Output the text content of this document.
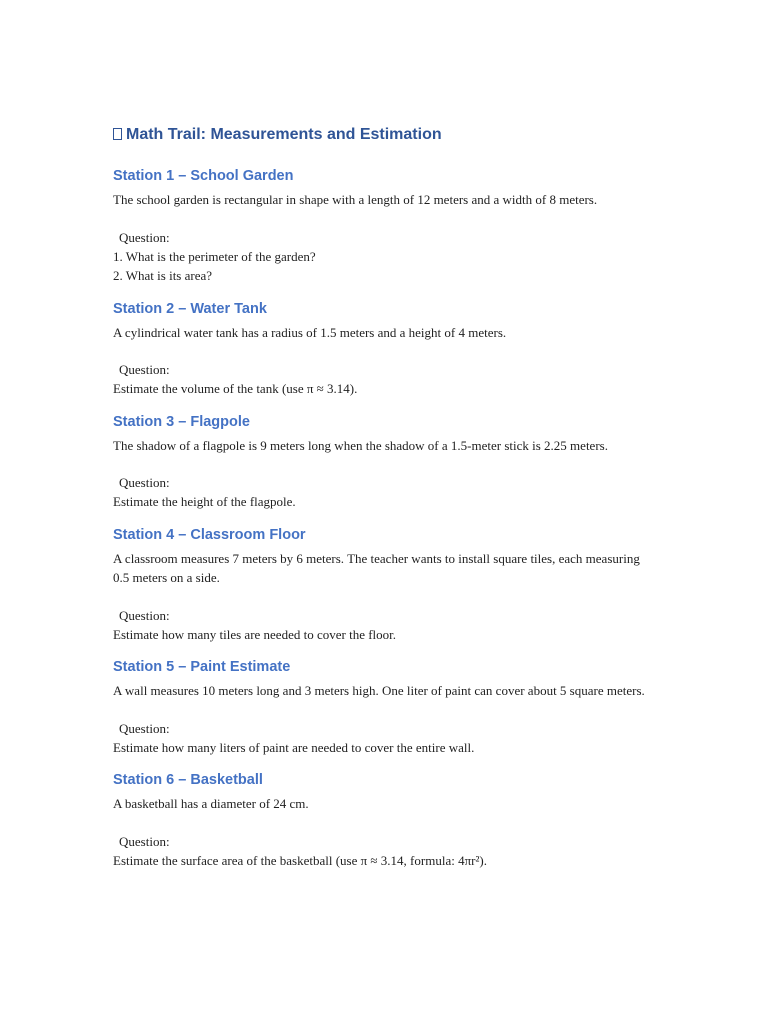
Math Trail: Measurements and Estimation
Station 1 – School Garden

The school garden is rectangular in shape with a length of 12 meters and a width of 8 meters.

Question:

1. What is the perimeter of the garden?

2. What is its area?

Station 2 – Water Tank

A cylindrical water tank has a radius of 1.5 meters and a height of 4 meters.

Question:

Estimate the volume of the tank (use π ≈ 3.14).

Station 3 – Flagpole

The shadow of a flagpole is 9 meters long when the shadow of a 1.5-meter stick is 2.25 meters.

Question:

Estimate the height of the flagpole.

Station 4 – Classroom Floor

A classroom measures 7 meters by 6 meters. The teacher wants to install square tiles, each measuring 0.5 meters on a side.

Question:

Estimate how many tiles are needed to cover the floor.

Station 5 – Paint Estimate

A wall measures 10 meters long and 3 meters high. One liter of paint can cover about 5 square meters.

Question:

Estimate how many liters of paint are needed to cover the entire wall.

Station 6 – Basketball

A basketball has a diameter of 24 cm.

Question:

Estimate the surface area of the basketball (use π ≈ 3.14, formula: 4πr²).
